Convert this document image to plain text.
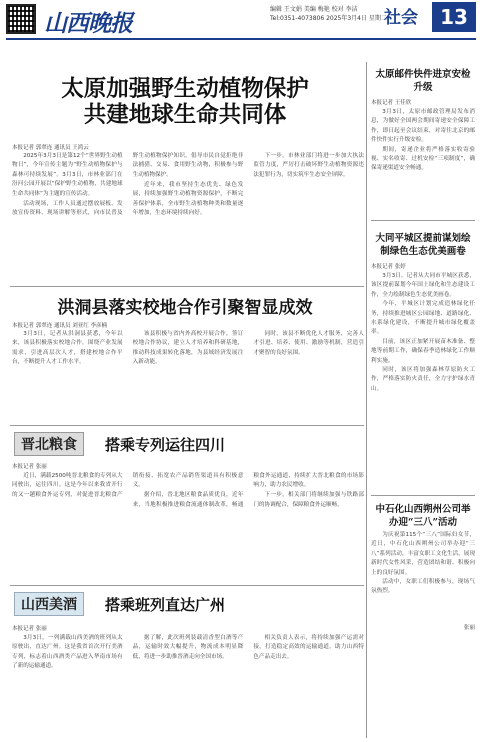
山西晚报
编辑 王文娟 美编 梅艳 校对 李洁
Tel:0351-4073806 2025年3月4日 星期二
社会	13
太原加强野生动植物保护
共建地球生命共同体
本报记者 郭翠连 通讯员 王鸿云

2025年3月3日是第12个“世界野生动植物日”，今年宣传主题为“野生动植物保护与森林可持续发展”。3月3日，市林业部门在汾河公园开展以“保护野生动植物，共建地球生命共同体”为主题的宣传活动。

活动现场，工作人员通过摆放展板、发放宣传资料、现场讲解等形式，向市民普及野生动植物保护知识，倡导市民自觉拒绝非法捕猎、交易、食用野生动物，积极参与野生动植物保护。

近年来，我市坚持生态优先、绿色发展，持续加强野生动植物资源保护，不断完善保护体系，全市野生动植物种类和数量逐年增加，生态环境持续向好。

下一步，市林业部门将进一步加大执法监管力度，严厉打击破坏野生动植物资源违法犯罪行为，切实筑牢生态安全屏障。

洪洞县落实校地合作引聚智显成效
本报记者 郭翠连 通讯员 刘亚红 李彦楠

3月3日，记者从洪洞县获悉，今年以来，该县积极落实校地合作，围绕产业发展需求，引进高层次人才，搭建校地合作平台，不断提升人才工作水平。

该县积极与省内外高校开展合作，签订校地合作协议，建立人才培养和科研基地，推动科技成果转化落地，为县域经济发展注入新动能。

同时，该县不断优化人才服务，完善人才引进、培养、使用、激励等机制，营造引才聚智的良好氛围。

晋北粮食	搭乘专列运往四川
本报记者 张丽

近日，满载2500吨晋北粮食的专列从大同驶出，运往四川。这是今年以来我省开行的又一趟粮食外运专列，对促进晋北粮食产销衔接、拓宽农产品销售渠道具有积极意义。

据介绍，晋北地区粮食品质优良，近年来，当地积极推进粮食流通体制改革，畅通粮食外运通道，持续扩大晋北粮食的市场影响力，助力农民增收。

下一步，相关部门将继续加强与铁路部门的协调配合，保障粮食外运顺畅。

山西美酒	搭乘班列直达广州
本报记者 张丽

3月3日，一列满载山西美酒的班列从太原驶出，直达广州。这是我省首次开行美酒专列，标志着山西酒类产品进入华南市场有了新的运输通道。

据了解，此次班列装载清香型白酒等产品，运输时效大幅提升，物流成本明显降低，将进一步助推晋酒走向全国市场。

相关负责人表示，将持续加强产运需对接，打造稳定高效的运输通道，助力山西特色产品走出去。

太原邮件快件进京安检升级
本报记者 王佳欣

3月3日，太原市邮政管理局发布消息，为做好全国两会期间寄递安全保障工作，即日起至会议结束，对寄往北京的邮件快件实行升级安检。

期间，寄递企业将严格落实收寄验视、实名收寄、过机安检“三项制度”，确保寄递渠道安全畅通。

大同平城区提前谋划绘制绿色生态优美画卷
本报记者 张婷

3月3日，记者从大同市平城区获悉，该区提前谋划今年国土绿化和生态建设工作，全力绘制绿色生态优美画卷。

今年，平城区计划完成造林绿化任务，持续推进城区公园绿地、道路绿化、水系绿化建设，不断提升城市绿化覆盖率。

目前，该区正加紧开展苗木准备、整地等前期工作，确保春季造林绿化工作顺利实施。

同时，该区将加强森林草原防火工作，严格落实防火责任，全力守护绿水青山。

中石化山西朔州公司举办迎“三八”活动

为庆祝第115个“三八”国际妇女节，近日，中石化山西朔州公司举办迎“三八”系列活动，丰富女职工文化生活，展现新时代女性风采，营造团结和谐、积极向上的良好氛围。

活动中，女职工们积极参与，现场气氛热烈。

张丽
